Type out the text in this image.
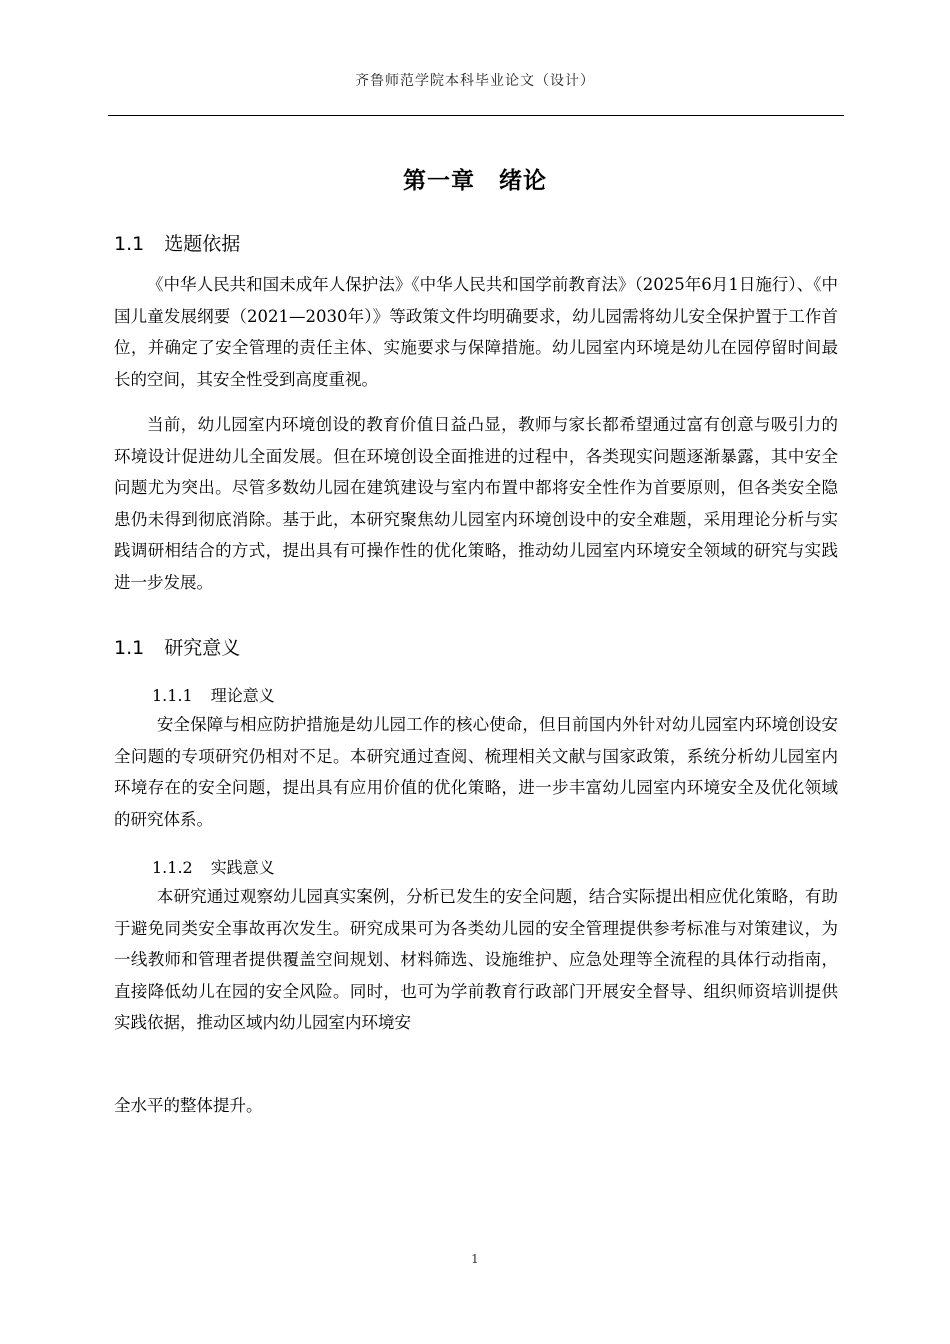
齐鲁师范学院本科毕业论文（设计）
第一章　绪论
1.1 选题依据

《中华人民共和国未成年人保护法》《中华人民共和国学前教育法》（2025年6月1日施行）、《中国儿童发展纲要（2021—2030年）》等政策文件均明确要求，幼儿园需将幼儿安全保护置于工作首位，并确定了安全管理的责任主体、实施要求与保障措施。幼儿园室内环境是幼儿在园停留时间最长的空间，其安全性受到高度重视。

当前，幼儿园室内环境创设的教育价值日益凸显，教师与家长都希望通过富有创意与吸引力的环境设计促进幼儿全面发展。但在环境创设全面推进的过程中，各类现实问题逐渐暴露，其中安全问题尤为突出。尽管多数幼儿园在建筑建设与室内布置中都将安全性作为首要原则，但各类安全隐患仍未得到彻底消除。基于此，本研究聚焦幼儿园室内环境创设中的安全难题，采用理论分析与实践调研相结合的方式，提出具有可操作性的优化策略，推动幼儿园室内环境安全领域的研究与实践进一步发展。

1.1 研究意义
1.1.1 理论意义

安全保障与相应防护措施是幼儿园工作的核心使命，但目前国内外针对幼儿园室内环境创设安全问题的专项研究仍相对不足。本研究通过查阅、梳理相关文献与国家政策，系统分析幼儿园室内环境存在的安全问题，提出具有应用价值的优化策略，进一步丰富幼儿园室内环境安全及优化领域的研究体系。

1.1.2 实践意义

本研究通过观察幼儿园真实案例，分析已发生的安全问题，结合实际提出相应优化策略，有助于避免同类安全事故再次发生。研究成果可为各类幼儿园的安全管理提供参考标准与对策建议，为一线教师和管理者提供覆盖空间规划、材料筛选、设施维护、应急处理等全流程的具体行动指南，直接降低幼儿在园的安全风险。同时，也可为学前教育行政部门开展安全督导、组织师资培训提供实践依据，推动区域内幼儿园室内环境安

全水平的整体提升。

1
